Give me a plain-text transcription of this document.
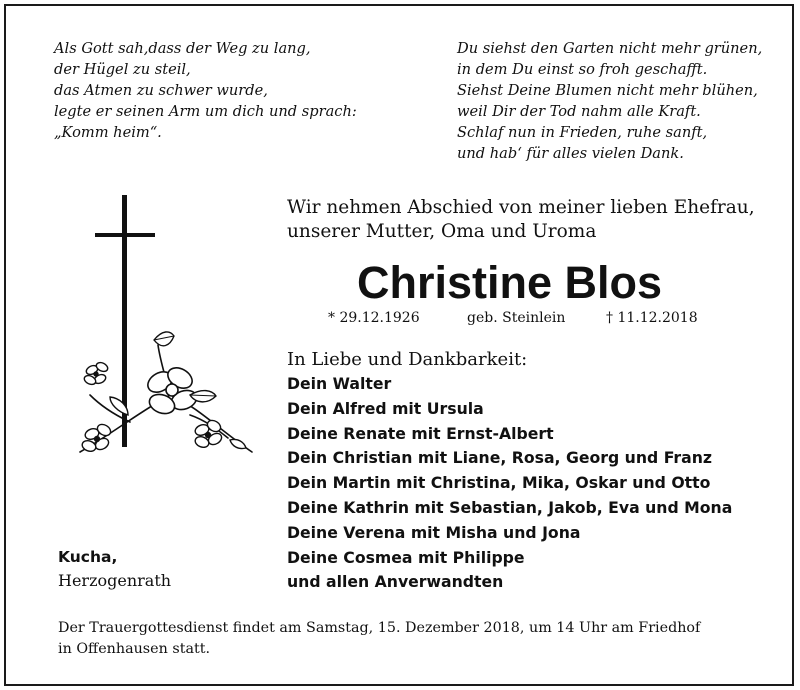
Als Gott sah,dass der Weg zu lang,
der Hügel zu steil,
das Atmen zu schwer wurde,
legte er seinen Arm um dich und sprach:
„Komm heim“.
Du siehst den Garten nicht mehr grünen,
in dem Du einst so froh geschafft.
Siehst Deine Blumen nicht mehr blühen,
weil Dir der Tod nahm alle Kraft.
Schlaf nun in Frieden, ruhe sanft,
und hab‘ für alles vielen Dank.
Wir nehmen Abschied von meiner lieben Ehefrau,
unserer Mutter, Oma und Uroma
Christine Blos
* 29.12.1926	geb. Steinlein	† 11.12.2018
In Liebe und Dankbarkeit:
Dein Walter
Dein Alfred mit Ursula
Deine Renate mit Ernst-Albert
Dein Christian mit Liane, Rosa, Georg und Franz
Dein Martin mit Christina, Mika, Oskar und Otto
Deine Kathrin mit Sebastian, Jakob, Eva und Mona
Deine Verena mit Misha und Jona
Deine Cosmea mit Philippe
und allen Anverwandten
Kucha,
Herzogenrath
Der Trauergottesdienst findet am Samstag, 15. Dezember 2018, um 14 Uhr am Friedhof
in Offenhausen statt.
